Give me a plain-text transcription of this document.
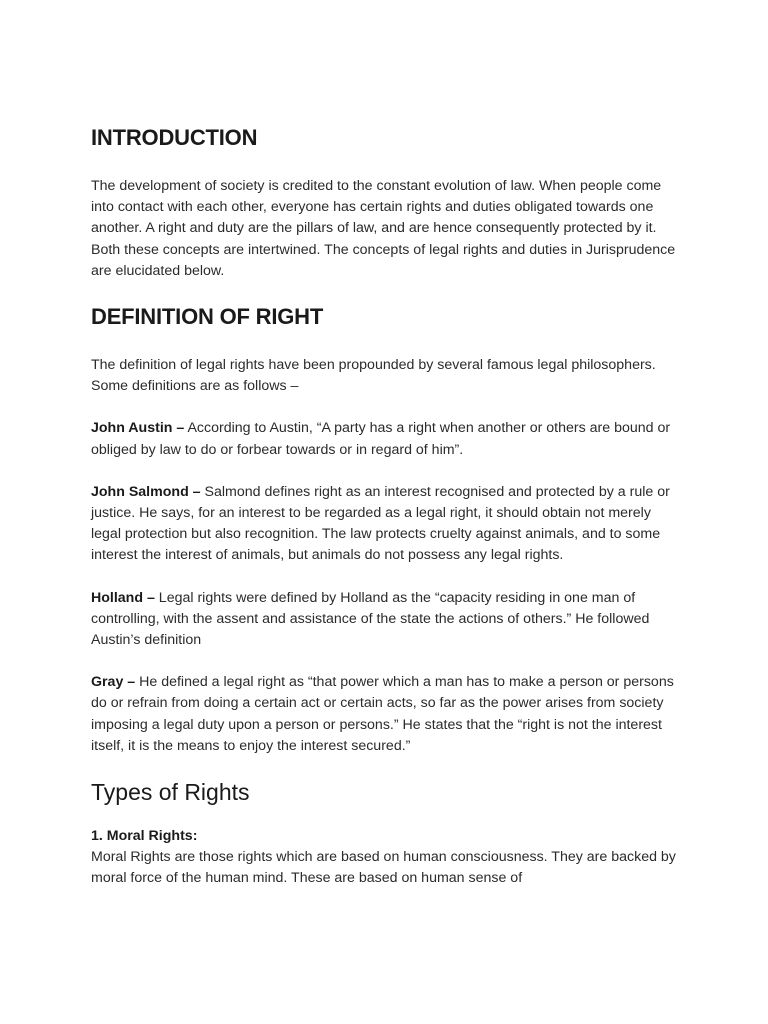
INTRODUCTION

The development of society is credited to the constant evolution of law. When people come into contact with each other, everyone has certain rights and duties obligated towards one another. A right and duty are the pillars of law, and are hence consequently protected by it. Both these concepts are intertwined. The concepts of legal rights and duties in Jurisprudence are elucidated below.

DEFINITION OF RIGHT

The definition of legal rights have been propounded by several famous legal philosophers. Some definitions are as follows –

John Austin – According to Austin, “A party has a right when another or others are bound or obliged by law to do or forbear towards or in regard of him”.

John Salmond – Salmond defines right as an interest recognised and protected by a rule or justice. He says, for an interest to be regarded as a legal right, it should obtain not merely legal protection but also recognition. The law protects cruelty against animals, and to some interest the interest of animals, but animals do not possess any legal rights.

Holland – Legal rights were defined by Holland as the “capacity residing in one man of controlling, with the assent and assistance of the state the actions of others.” He followed Austin’s definition

Gray – He defined a legal right as “that power which a man has to make a person or persons do or refrain from doing a certain act or certain acts, so far as the power arises from society imposing a legal duty upon a person or persons.” He states that the “right is not the interest itself, it is the means to enjoy the interest secured.”

Types of Rights

1. Moral Rights:

Moral Rights are those rights which are based on human consciousness. They are backed by moral force of the human mind. These are based on human sense of
